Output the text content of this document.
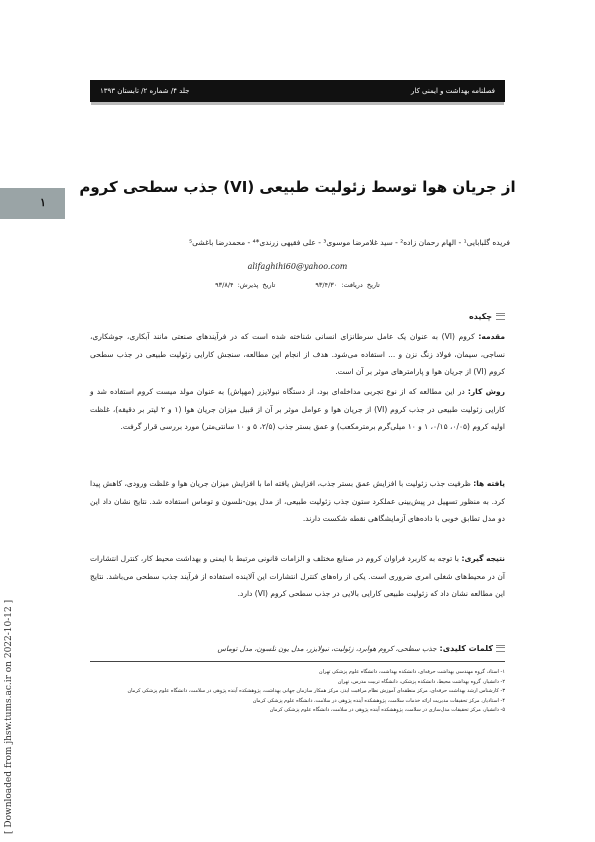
جلد ۴/ شماره ۲/ تابستان ۱۳۹۳	فصلنامه بهداشت و ایمنی کار
۱
جذب سطحی کروم (VI) از جریان هوا توسط زئولیت طبیعی
فریده گلبابایی¹ - الهام رحمان زاده² - سید غلامرضا موسوی³ - علی فقیهی زرندی*⁴ - محمدرضا باغشی⁵
alifaghihi60@yahoo.com
تاریخ دریافت: ۹۳/۴/۳۰ تاریخ پذیرش: ۹۳/۸/۴
چکیده
مقدمه: کروم (VI) به عنوان یک عامل سرطانزای انسانی شناخته شده است که در فرآیندهای صنعتی مانند آبکاری، جوشکاری، نساجی، سیمان، فولاد زنگ نزن و ... استفاده می‌شود. هدف از انجام این مطالعه، سنجش کارایی زئولیت طبیعی در جذب سطحی کروم (VI) از جریان هوا و پارامترهای موثر بر آن است.
روش کار: در این مطالعه که از نوع تجربی مداخله‌ای بود، از دستگاه نبولایزر (مهپاش) به عنوان مولد میست کروم استفاده شد و کارایی زئولیت طبیعی در جذب کروم (VI) از جریان هوا و عوامل موثر بر آن از قبیل میزان جریان هوا (۱ و ۲ لیتر بر دقیقه)، غلظت اولیه کروم (۰/۰۵، ۰/۱۵، ۱ و ۱۰ میلی‌گرم برمترمکعب) و عمق بستر جذب (۲/۵، ۵ و ۱۰ سانتی‌متر) مورد بررسی قرار گرفت.
یافته ها: ظرفیت جذب زئولیت با افزایش عمق بستر جذب، افزایش یافته اما با افزایش میزان جریان هوا و غلظت ورودی، کاهش پیدا کرد. به منظور تسهیل در پیش‌بینی عملکرد ستون جذب زئولیت طبیعی، از مدل یون-نلسون و توماس استفاده شد. نتایج نشان داد این دو مدل تطابق خوبی با داده‌های آزمایشگاهی نقطه شکست دارند.
نتیجه گیری: با توجه به کاربرد فراوان کروم در صنایع مختلف و الزامات قانونی مرتبط با ایمنی و بهداشت محیط کار، کنترل انتشارات آن در محیط‌های شغلی امری ضروری است. یکی از راه‌های کنترل انتشارات این آلاینده استفاده از فرآیند جذب سطحی می‌باشد. نتایج این مطالعه نشان داد که زئولیت طبیعی کارایی بالایی در جذب سطحی کروم (VI) دارد.
کلمات کلیدی:
جذب سطحی، کروم هوابرد، زئولیت، نبولایزر، مدل یون نلسون، مدل توماس
۱- استاد، گروه مهندسی بهداشت حرفه‌ای، دانشکده بهداشت، دانشگاه علوم پزشکی تهران
۲- دانشیار، گروه بهداشت محیط، دانشکده پزشکی، دانشگاه تربیت مدرس، تهران
۳- کارشناس ارشد بهداشت حرفه‌ای، مرکز منطقه‌ای آموزش نظام مراقبت ایدز، مرکز همکار سازمان جهانی بهداشت، پژوهشکده آینده پژوهی در سلامت، دانشگاه علوم پزشکی کرمان
۴- استادیار، مرکز تحقیقات مدیریت ارائه خدمات سلامت، پژوهشکده آینده پژوهی در سلامت، دانشگاه علوم پزشکی کرمان
۵- دانشیار، مرکز تحقیقات مدل‌سازی در سلامت، پژوهشکده آینده پژوهی در سلامت، دانشگاه علوم پزشکی کرمان
[ Downloaded from jhsw.tums.ac.ir on 2022-10-12 ]
